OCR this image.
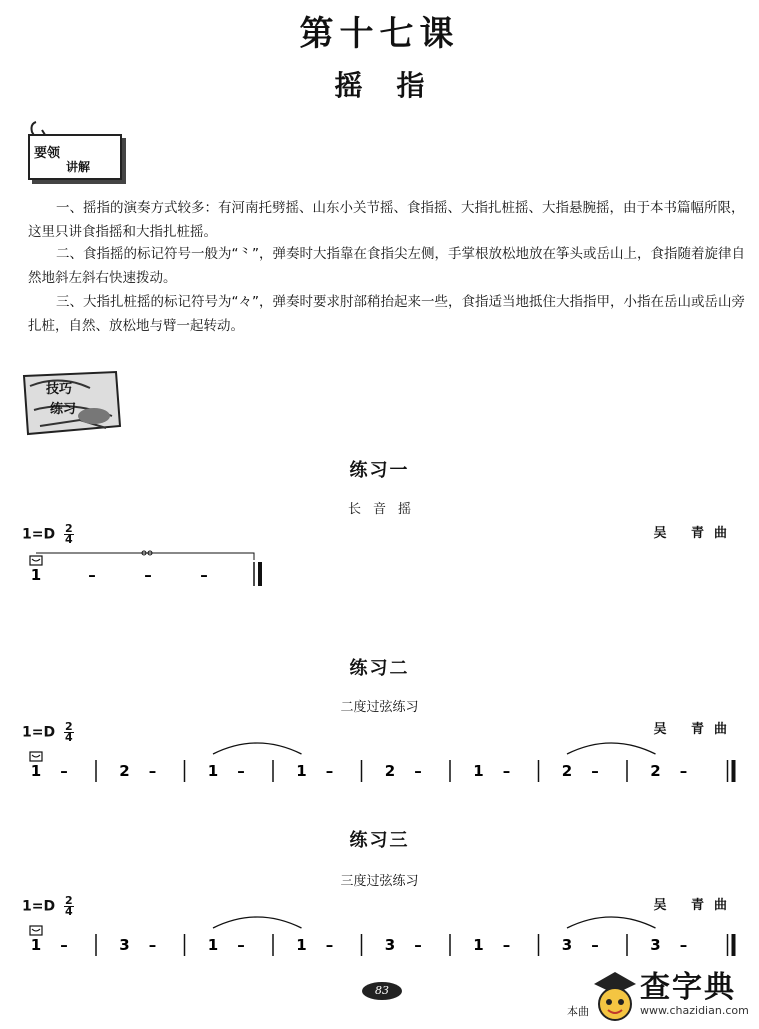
第十七课
摇指
要领
讲解
一、摇指的演奏方式较多：有河南托劈摇、山东小关节摇、食指摇、大指扎桩摇、大指悬腕摇，由于本书篇幅所限，这里只讲食指摇和大指扎桩摇。
二、食指摇的标记符号一般为“⺀”，弹奏时大指靠在食指尖左侧，手掌根放松地放在筝头或岳山上，食指随着旋律自然地斜左斜右快速拨动。
三、大指扎桩摇的标记符号为“々”，弹奏时要求肘部稍抬起来一些，食指适当地抵住大指指甲，小指在岳山或岳山旁扎桩，自然、放松地与臂一起转动。
技巧
练习
练习一
长音摇
吴 青曲
$1=D \frac{2}{4}$
练习二
二度过弦练习
吴 青曲
$1=D \frac{2}{4}$
练习三
三度过弦练习
吴 青曲
$1=D \frac{2}{4}$
1	–	–	–
1 –	2 –	1 –	1 –	2 –	1 –	2 –	2 –
1 –	3 –	1 –	1 –	3 –	1 –	3 –	3 –
83
本曲
查字典
www.chazidian.com
